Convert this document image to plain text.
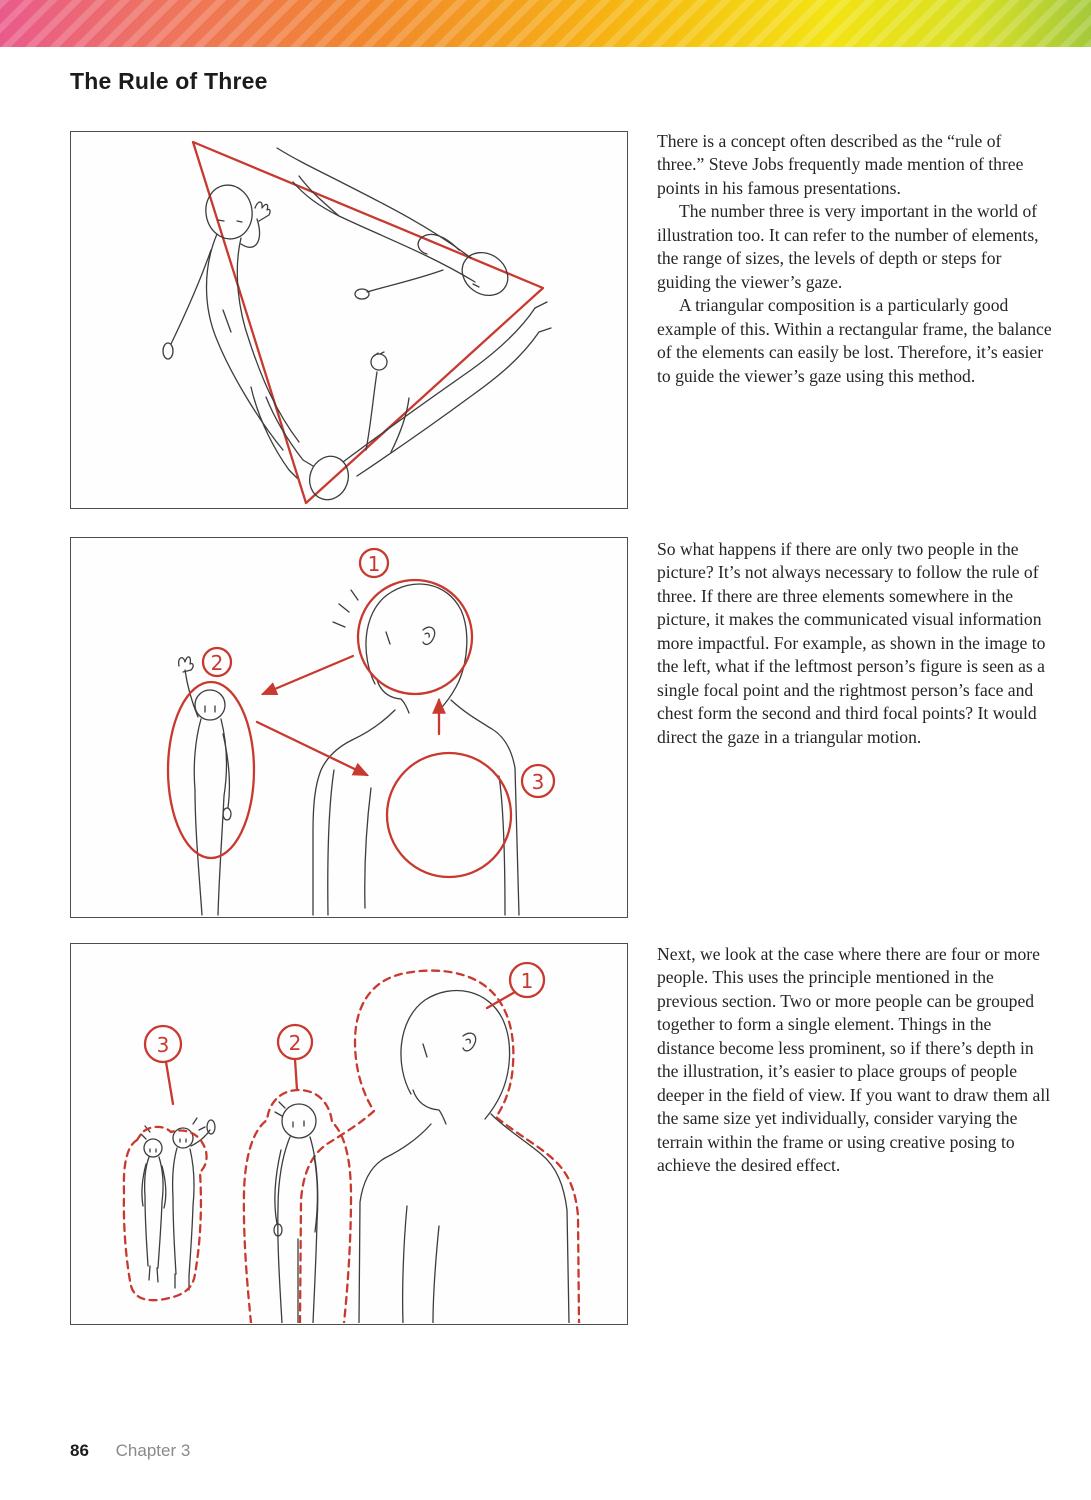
The Rule of Three
1
2
3
1
2
3

There is a concept often described as the “rule of three.” Steve Jobs frequently made mention of three points in his famous presentations.

The number three is very important in the world of illustration too. It can refer to the number of elements, the range of sizes, the levels of depth or steps for guiding the viewer’s gaze.

A triangular composition is a particularly good example of this. Within a rectangular frame, the balance of the elements can easily be lost. Therefore, it’s easier to guide the viewer’s gaze using this method.

So what happens if there are only two people in the picture? It’s not always necessary to follow the rule of three. If there are three elements somewhere in the picture, it makes the communicated visual information more impactful. For example, as shown in the image to the left, what if the leftmost person’s figure is seen as a single focal point and the rightmost person’s face and chest form the second and third focal points? It would direct the gaze in a triangular motion.

Next, we look at the case where there are four or more people. This uses the principle mentioned in the previous section. Two or more people can be grouped together to form a single element. Things in the distance become less prominent, so if there’s depth in the illustration, it’s easier to place groups of people deeper in the field of view. If you want to draw them all the same size yet individually, consider varying the terrain within the frame or using creative posing to achieve the desired effect.

86 Chapter 3
